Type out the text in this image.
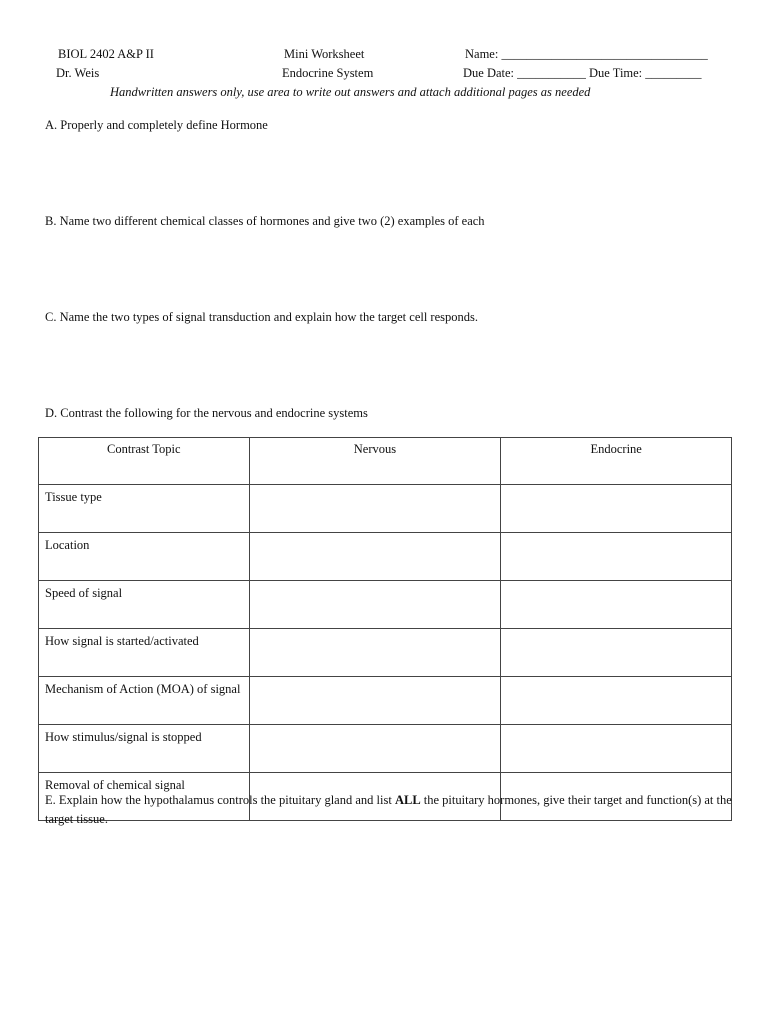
BIOL 2402 A&P II
Dr. Weis
Mini Worksheet
Endocrine System
Name: _________________________________
Due Date: ___________ Due Time: _________
Handwritten answers only, use area to write out answers and attach additional pages as needed
A. Properly and completely define Hormone
B. Name two different chemical classes of hormones and give two (2) examples of each
C. Name the two types of signal transduction and explain how the target cell responds.
D. Contrast the following for the nervous and endocrine systems
Contrast Topic	Nervous	Endocrine
Tissue type		
Location		
Speed of signal		
How signal is started/activated		
Mechanism of Action (MOA) of signal		
How stimulus/signal is stopped		
Removal of chemical signal		
E. Explain how the hypothalamus controls the pituitary gland and list ALL the pituitary hormones, give their target and function(s) at the target tissue.
